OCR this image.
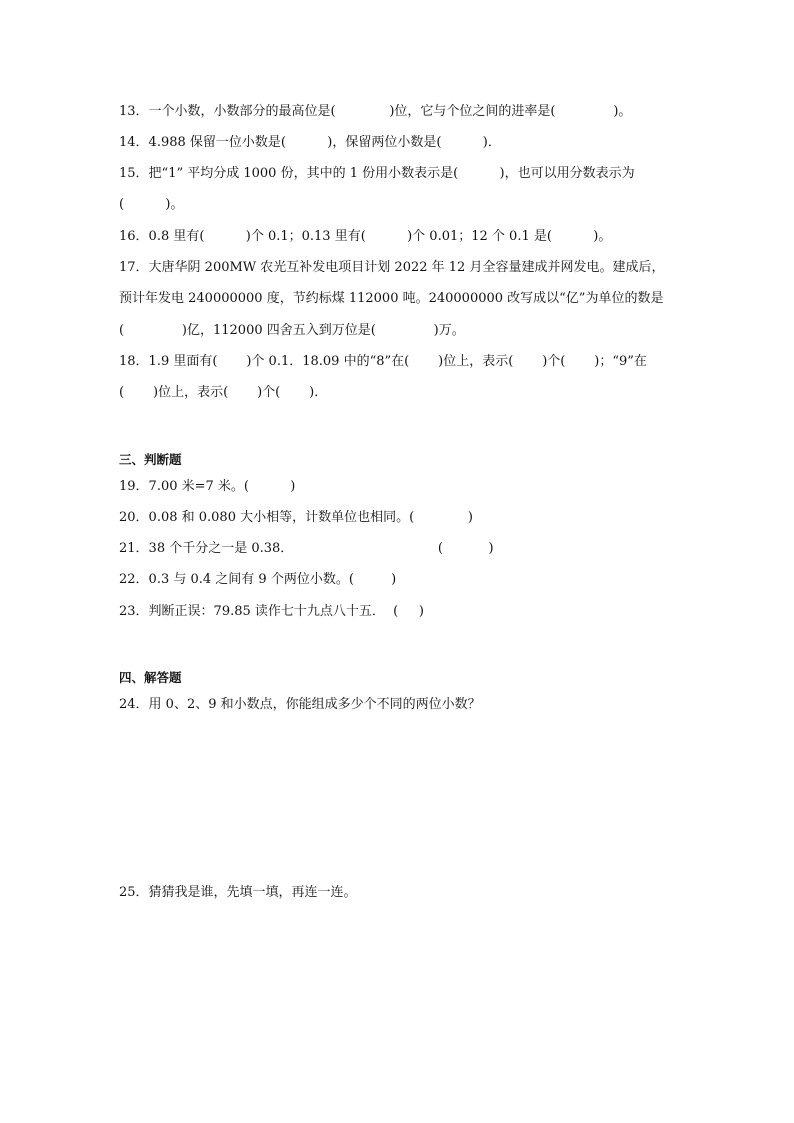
13．一个小数，小数部分的最高位是(             )位，它与个位之间的进率是(              )。
14．4.988 保留一位小数是(          )，保留两位小数是(          )．
15．把“1” 平均分成 1000 份，其中的 1 份用小数表示是(          )，也可以用分数表示为
(          )。
16．0.8 里有(          )个 0.1；0.13 里有(          )个 0.01；12 个 0.1 是(          )。
17．大唐华阴 200MW 农光互补发电项目计划 2022 年 12 月全容量建成并网发电。建成后，
预计年发电 240000000 度，节约标煤 112000 吨。240000000 改写成以“亿”为单位的数是
(              )亿，112000 四舍五入到万位是(              )万。
18．1.9 里面有(       )个 0.1．18.09 中的“8”在(       )位上，表示(       )个(       )；“9”在
(       )位上，表示(       )个(       )．
三、判断题
19．7.00 米=7 米。(          )
20．0.08 和 0.080 大小相等，计数单位也相同。(             )
21．38 个千分之一是 0.38．                                   (           )
22．0.3 与 0.4 之间有 9 个两位小数。(         )
23．判断正误：79.85 读作七十九点八十五．  (     )
四、解答题
24．用 0、2、9 和小数点，你能组成多少个不同的两位小数？
25．猜猜我是谁，先填一填，再连一连。
